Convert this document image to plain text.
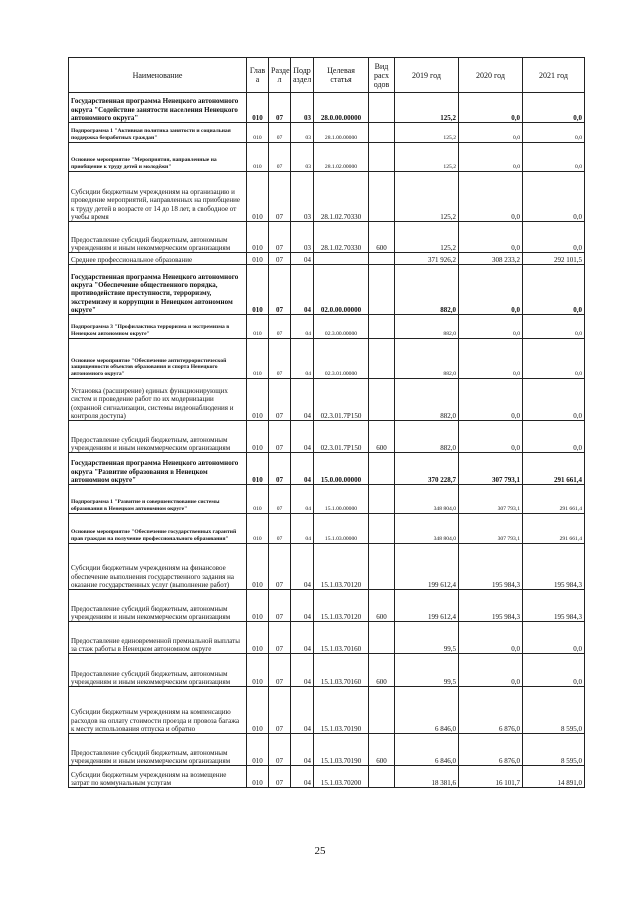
Наименование	Глав а	Разде л	Подр аздел	Целевая статья	Вид расх одов	2019 год	2020 год	2021 год
Государственная программа Ненецкого автономного округа "Содействие занятости населения Ненецкого автономного округа"	010	07	03	28.0.00.00000		125,2	0,0	0,0
Подпрограмма 1 "Активная политика занятости и социальная поддержка безработных граждан"	010	07	03	28.1.00.00000		125,2	0,0	0,0
Основное мероприятие "Мероприятия, направленные на приобщение к труду детей и молодёжи"	010	07	03	28.1.02.00000		125,2	0,0	0,0
Субсидии бюджетным учреждениям на организацию и проведение мероприятий, направленных на приобщение к труду детей в возрасте от 14 до 18 лет, в свободное от учебы время	010	07	03	28.1.02.70330		125,2	0,0	0,0
Предоставление субсидий бюджетным, автономным учреждениям и иным некоммерческим организациям	010	07	03	28.1.02.70330	600	125,2	0,0	0,0
Среднее профессиональное образование	010	07	04			371 926,2	308 233,2	292 101,5
Государственная программа Ненецкого автономного округа "Обеспечение общественного порядка, противодействие преступности, терроризму, экстремизму и коррупции в Ненецком автономном округе"	010	07	04	02.0.00.00000		882,0	0,0	0,0
Подпрограмма 3 "Профилактика терроризма и экстремизма в Ненецком автономном округе"	010	07	04	02.3.00.00000		882,0	0,0	0,0
Основное мероприятие "Обеспечение антитеррористической защищенности объектов образования и спорта Ненецкого автономного округа"	010	07	04	02.3.01.00000		882,0	0,0	0,0
Установка (расширение) единых функционирующих систем и проведение работ по их модернизации (охранной сигнализации, системы видеонаблюдения и контроля доступа)	010	07	04	02.3.01.7Р150		882,0	0,0	0,0
Предоставление субсидий бюджетным, автономным учреждениям и иным некоммерческим организациям	010	07	04	02.3.01.7Р150	600	882,0	0,0	0,0
Государственная программа Ненецкого автономного округа "Развитие образования в Ненецком автономном округе"	010	07	04	15.0.00.00000		370 228,7	307 793,1	291 661,4
Подпрограмма 1 "Развитие и совершенствование системы образования в Ненецком автономном округе"	010	07	04	15.1.00.00000		348 804,0	307 793,1	291 661,4
Основное мероприятие "Обеспечение государственных гарантий прав граждан на получение профессионального образования"	010	07	04	15.1.03.00000		348 804,0	307 793,1	291 661,4
Субсидии бюджетным учреждениям на финансовое обеспечение выполнения государственного задания на оказание государственных услуг (выполнение работ)	010	07	04	15.1.03.70120		199 612,4	195 984,3	195 984,3
Предоставление субсидий бюджетным, автономным учреждениям и иным некоммерческим организациям	010	07	04	15.1.03.70120	600	199 612,4	195 984,3	195 984,3
Предоставление единовременной премиальной выплаты за стаж работы в Ненецком автономном округе	010	07	04	15.1.03.70160		99,5	0,0	0,0
Предоставление субсидий бюджетным, автономным учреждениям и иным некоммерческим организациям	010	07	04	15.1.03.70160	600	99,5	0,0	0,0
Субсидии бюджетным учреждениям на компенсацию расходов на оплату стоимости проезда и провоза багажа к месту использования отпуска и обратно	010	07	04	15.1.03.70190		6 846,0	6 876,0	8 595,0
Предоставление субсидий бюджетным, автономным учреждениям и иным некоммерческим организациям	010	07	04	15.1.03.70190	600	6 846,0	6 876,0	8 595,0
Субсидии бюджетным учреждениям на возмещение затрат по коммунальным услугам	010	07	04	15.1.03.70200		18 381,6	16 101,7	14 891,0
25
